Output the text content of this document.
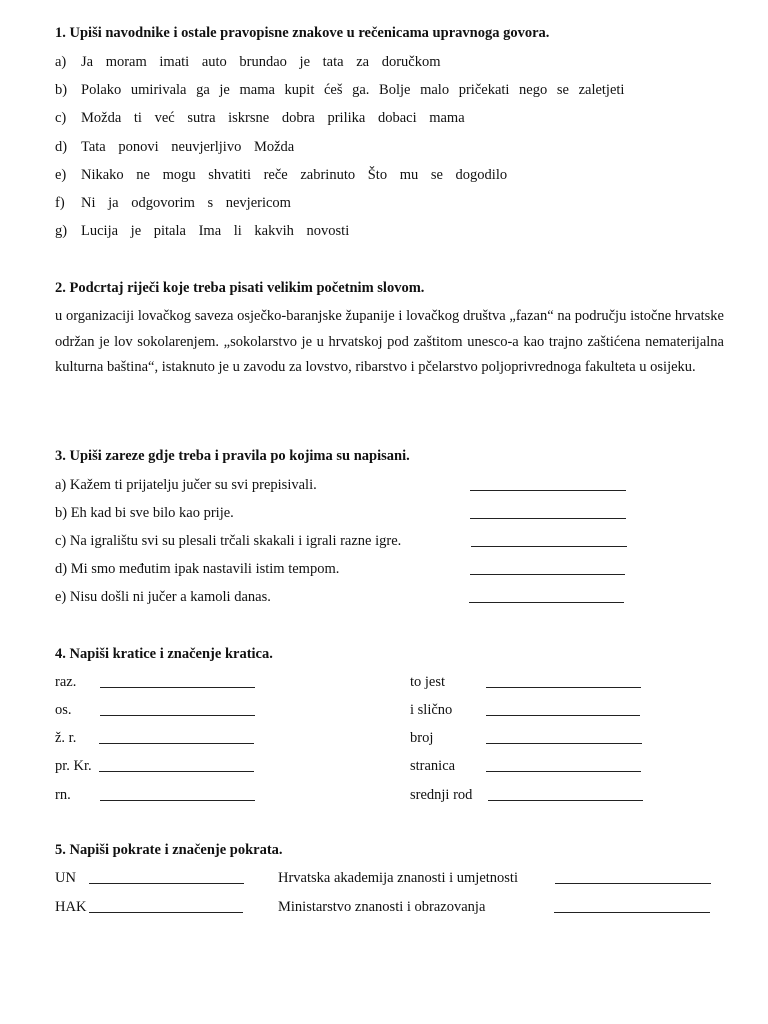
1. Upiši navodnike i ostale pravopisne znakove u rečenicama upravnoga govora.
a) Ja moram imati auto brundao je tata za doručkom
b) Polako umirivala ga je mama kupit ćeš ga. Bolje malo pričekati nego se zaletjeti
c) Možda ti već sutra iskrsne dobra prilika dobaci mama
d) Tata ponovi neuvjerljivo Možda
e) Nikako ne mogu shvatiti reče zabrinuto Što mu se dogodilo
f) Ni ja odgovorim s nevjericom
g) Lucija je pitala Ima li kakvih novosti
2. Podcrtaj riječi koje treba pisati velikim početnim slovom.
u organizaciji lovačkog saveza osječko-baranjske županije i lovačkog društva „fazan“ na području istočne hrvatske održan je lov sokolarenjem. „sokolarstvo je u hrvatskoj pod zaštitom unesco-a kao trajno zaštićena nematerijalna kulturna baština“, istaknuto je u zavodu za lovstvo, ribarstvo i pčelarstvo poljoprivrednoga fakulteta u osijeku.
3. Upiši zareze gdje treba i pravila po kojima su napisani.
a) Kažem ti prijatelju jučer su svi prepisivali.
b) Eh kad bi sve bilo kao prije.
c) Na igralištu svi su plesali trčali skakali i igrali razne igre.
d) Mi smo međutim ipak nastavili istim tempom.
e) Nisu došli ni jučer a kamoli danas.
4. Napiši kratice i značenje kratica.
raz.	to jest
os.	i slično
ž. r.	broj
pr. Kr.	stranica
rn.	srednji rod
5. Napiši pokrate i značenje pokrata.
UN	Hrvatska akademija znanosti i umjetnosti
HAK	Ministarstvo znanosti i obrazovanja
